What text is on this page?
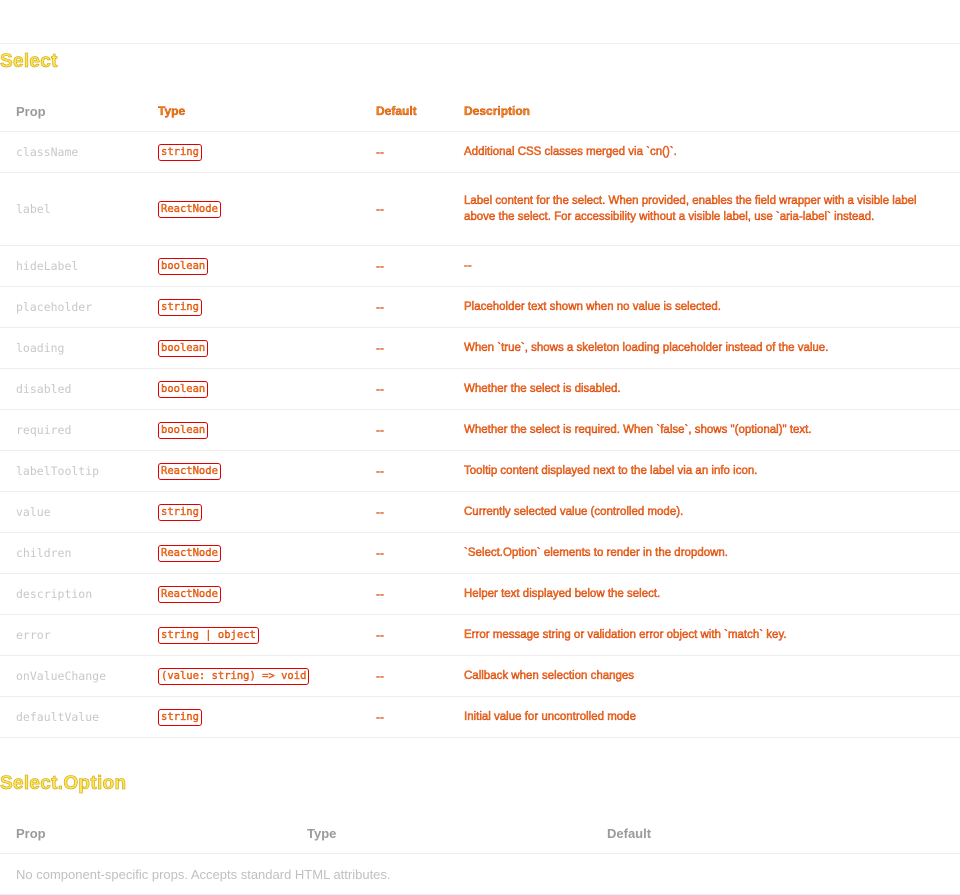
Select
Prop	Type	Default	Description
className	string	--	Additional CSS classes merged via `cn()`.
label	ReactNode	--	Label content for the select. When provided, enables the field wrapper with a visible label above the select. For accessibility without a visible label, use `aria-label` instead.
hideLabel	boolean	--	--
placeholder	string	--	Placeholder text shown when no value is selected.
loading	boolean	--	When `true`, shows a skeleton loading placeholder instead of the value.
disabled	boolean	--	Whether the select is disabled.
required	boolean	--	Whether the select is required. When `false`, shows "(optional)" text.
labelTooltip	ReactNode	--	Tooltip content displayed next to the label via an info icon.
value	string	--	Currently selected value (controlled mode).
children	ReactNode	--	`Select.Option` elements to render in the dropdown.
description	ReactNode	--	Helper text displayed below the select.
error	string | object	--	Error message string or validation error object with `match` key.
onValueChange	(value: string) => void	--	Callback when selection changes
defaultValue	string	--	Initial value for uncontrolled mode
Select.Option
Prop	Type	Default
No component-specific props. Accepts standard HTML attributes.
